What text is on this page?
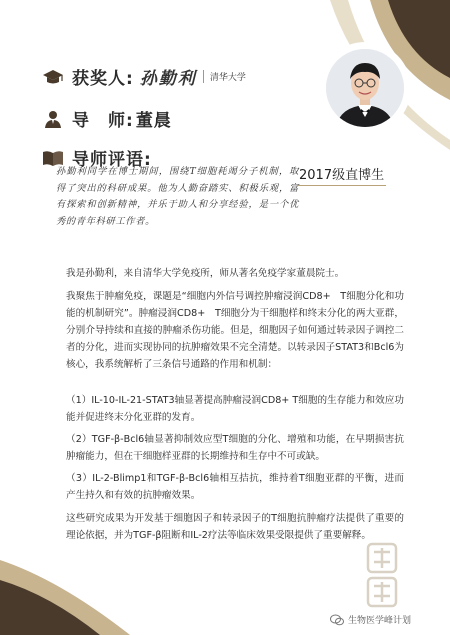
获奖人: 孙勤利	清华大学
导　师: 董晨
导师评语:
孙勤利同学在博士期间，围绕T细胞耗竭分子机制，取得了突出的科研成果。他为人勤奋踏实、积极乐观，富有探索和创新精神，并乐于助人和分享经验，是一个优秀的青年科研工作者。
2017级直博生

我是孙勤利，来自清华大学免疫所，师从著名免疫学家董晨院士。

我聚焦于肿瘤免疫，课题是“细胞内外信号调控肿瘤浸润CD8+　T细胞分化和功能的机制研究”。肿瘤浸润CD8+　T细胞分为干细胞样和终末分化的两大亚群，分别介导持续和直接的肿瘤杀伤功能。但是，细胞因子如何通过转录因子调控二者的分化，进而实现协同的抗肿瘤效果不完全清楚。以转录因子STAT3和Bcl6为核心，我系统解析了三条信号通路的作用和机制：

（1）IL-10-IL-21-STAT3轴显著提高肿瘤浸润CD8+ T细胞的生存能力和效应功能并促进终末分化亚群的发育。

（2）TGF-β-Bcl6轴显著抑制效应型T细胞的分化、增殖和功能，在早期损害抗肿瘤能力，但在干细胞样亚群的长期维持和生存中不可或缺。

（3）IL-2-Blimp1和TGF-β-Bcl6轴相互拮抗，维持着T细胞亚群的平衡，进而产生持久和有效的抗肿瘤效果。

这些研究成果为开发基于细胞因子和转录因子的T细胞抗肿瘤疗法提供了重要的理论依据，并为TGF-β阻断和IL-2疗法等临床效果受限提供了重要解释。

生物医学峰计划
